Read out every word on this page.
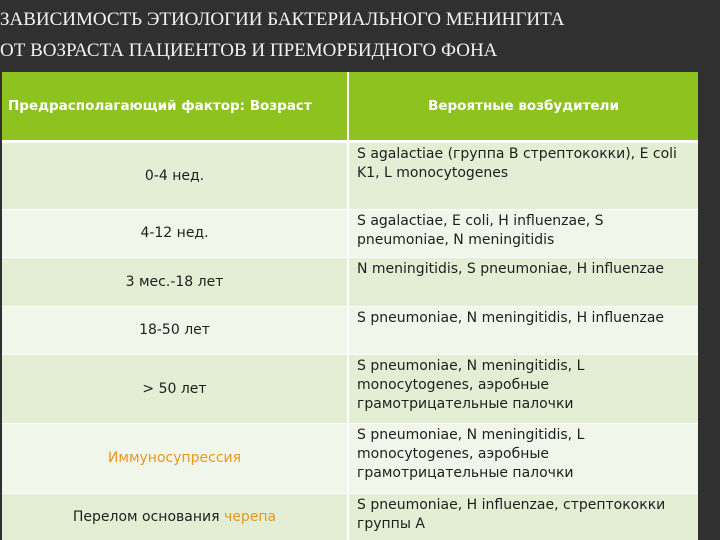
ЗАВИСИМОСТЬ ЭТИОЛОГИИ БАКТЕРИАЛЬНОГО МЕНИНГИТА
ОТ ВОЗРАСТА ПАЦИЕНТОВ И ПРЕМОРБИДНОГО ФОНА
Предрасполагающий фактор: Возраст	Вероятные возбудители
0-4 нед.	S agalactiae (группа В стрептококки), E coli K1, L monocytogenes
4-12 нед.	S agalactiae, E coli, H influenzae, S pneumoniae, N meningitidis
3 мес.-18 лет	N meningitidis, S pneumoniae, H influenzae
18-50 лет	S pneumoniae, N meningitidis, H influenzae
> 50 лет	S pneumoniae, N meningitidis, L monocytogenes, аэробные грамотрицательные палочки
Иммуносупрессия	S pneumoniae, N meningitidis, L monocytogenes, аэробные грамотрицательные палочки
Перелом основания черепа	S pneumoniae, H influenzae, стрептококки группы А
